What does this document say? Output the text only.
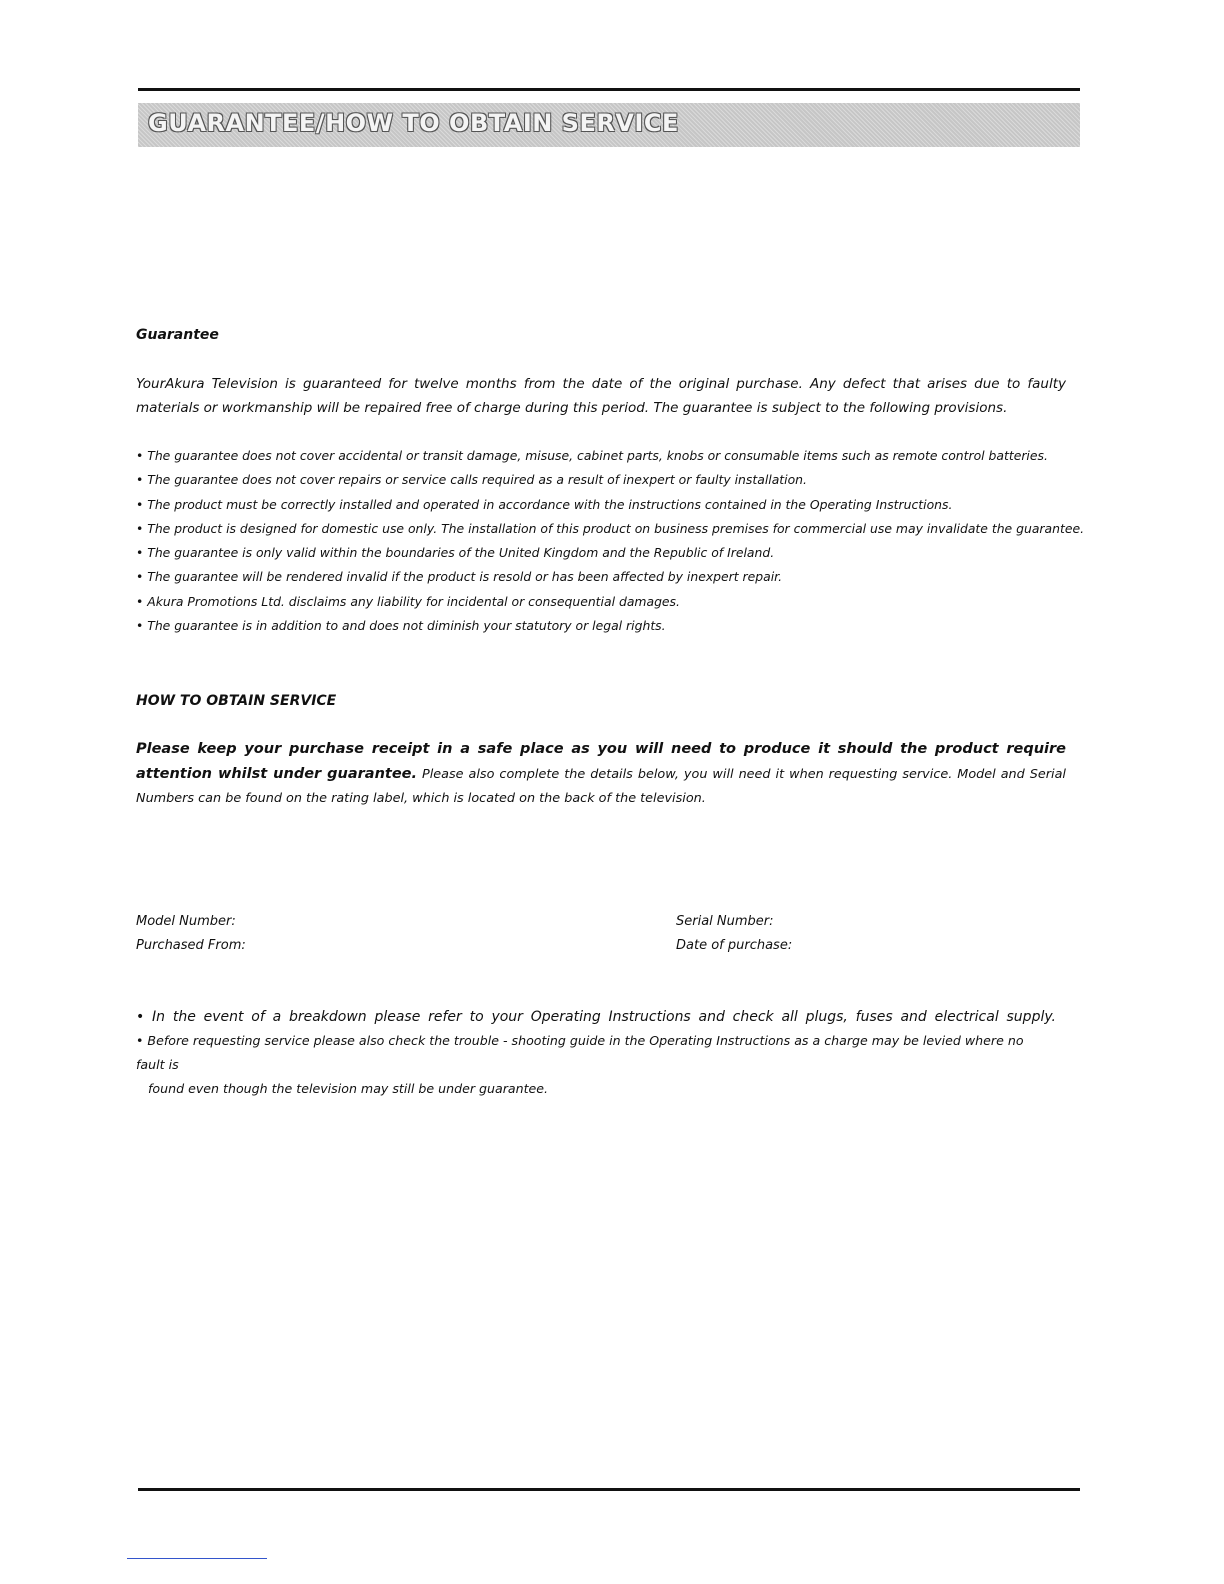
GUARANTEE/HOW TO OBTAIN SERVICE
Guarantee

YourAkura Television is guaranteed for twelve months from the date of the original purchase. Any defect that arises due to faulty materials or workmanship will be repaired free of charge during this period. The guarantee is subject to the following provisions.

• The guarantee does not cover accidental or transit damage, misuse, cabinet parts, knobs or consumable items such as remote control batteries.
• The guarantee does not cover repairs or service calls required as a result of inexpert or faulty installation.
• The product must be correctly installed and operated in accordance with the instructions contained in the Operating Instructions.
• The product is designed for domestic use only. The installation of this product on business premises for commercial use may invalidate the guarantee.
• The guarantee is only valid within the boundaries of the United Kingdom and the Republic of Ireland.
• The guarantee will be rendered invalid if the product is resold or has been affected by inexpert repair.
• Akura Promotions Ltd. disclaims any liability for incidental or consequential damages.
• The guarantee is in addition to and does not diminish your statutory or legal rights.
HOW TO OBTAIN SERVICE

Please keep your purchase receipt in a safe place as you will need to produce it should the product require attention whilst under guarantee. Please also complete the details below, you will need it when requesting service. Model and Serial Numbers can be found on the rating label, which is located on the back of the television.

Model Number:	Serial Number:

Purchased From:	Date of purchase:

• In the event of a breakdown please refer to your Operating Instructions and check all plugs, fuses and electrical supply.
• Before requesting service please also check the trouble - shooting guide in the Operating Instructions as a charge may be levied where no fault is
found even though the television may still be under guarantee.
